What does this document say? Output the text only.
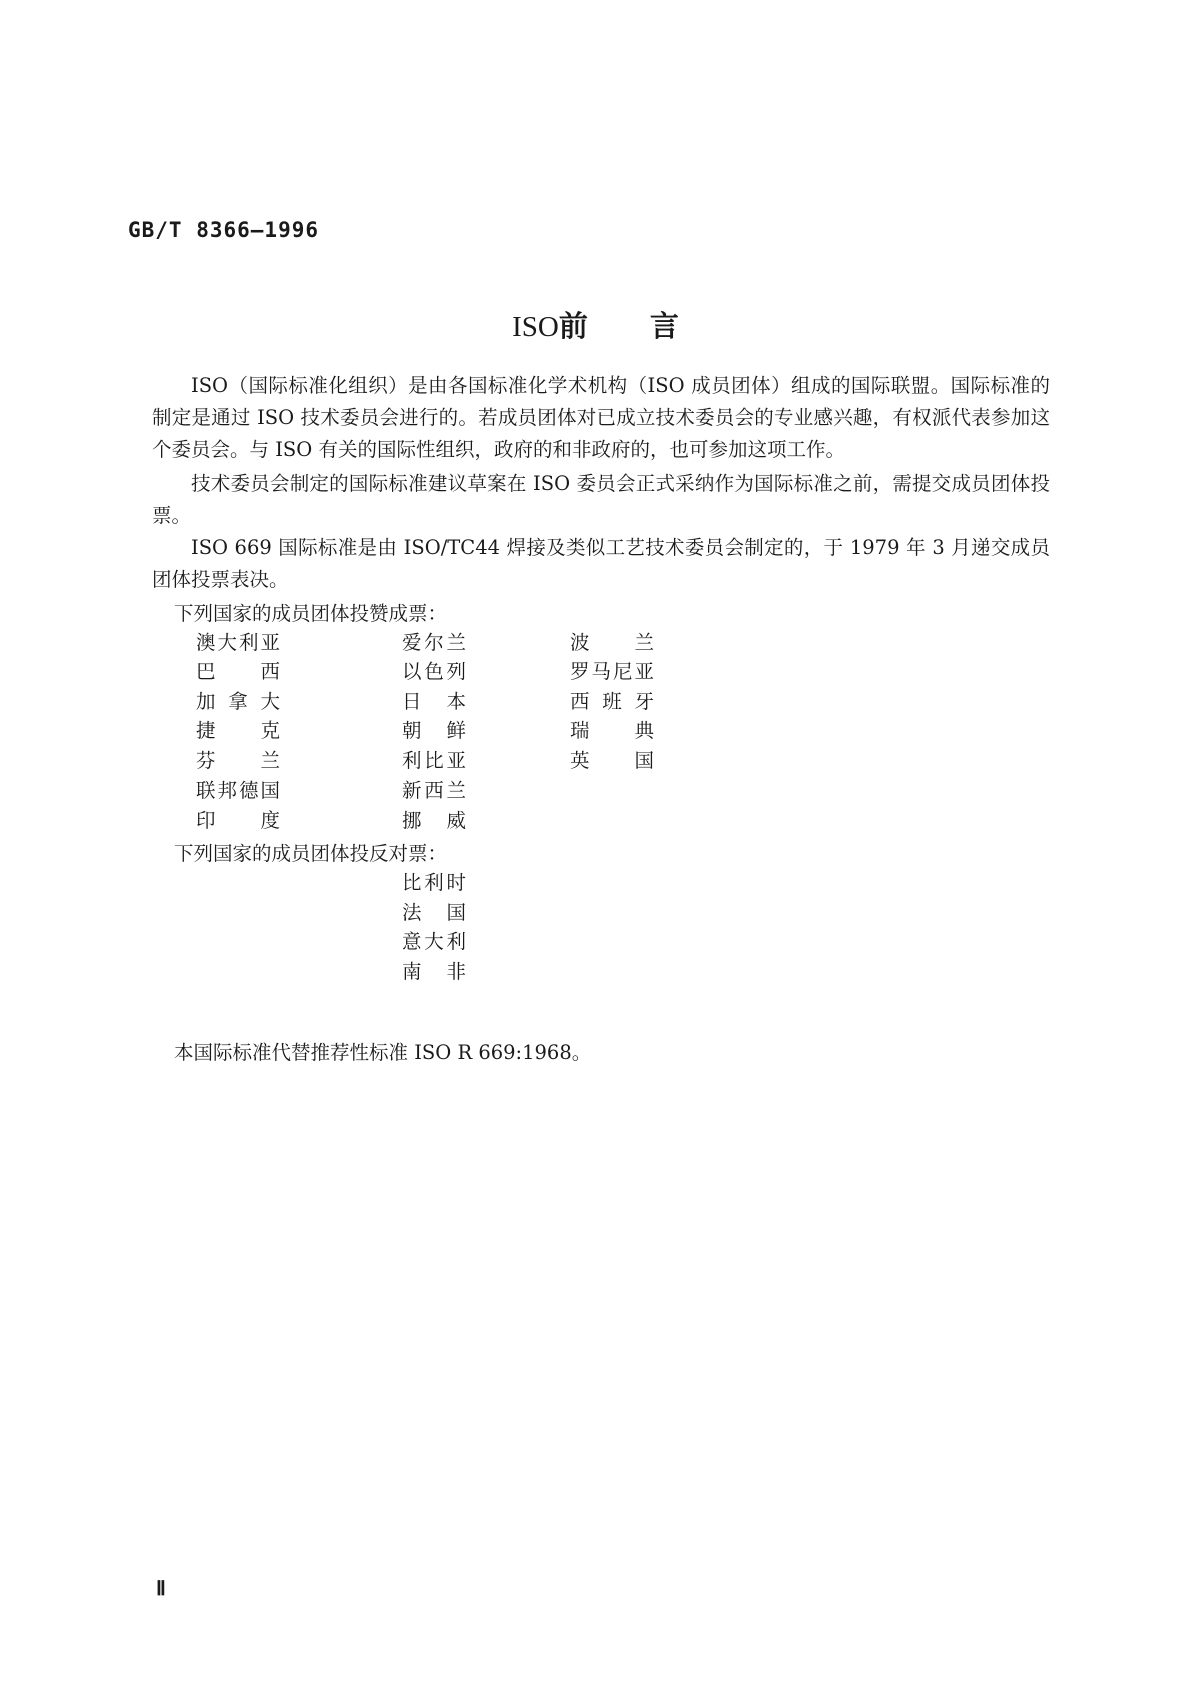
GB/T 8366—1996
ISO前言

ISO（国际标准化组织）是由各国标准化学术机构（ISO 成员团体）组成的国际联盟。国际标准的制定是通过 ISO 技术委员会进行的。若成员团体对已成立技术委员会的专业感兴趣，有权派代表参加这个委员会。与 ISO 有关的国际性组织，政府的和非政府的，也可参加这项工作。

技术委员会制定的国际标准建议草案在 ISO 委员会正式采纳作为国际标准之前，需提交成员团体投票。

ISO 669 国际标准是由 ISO/TC44 焊接及类似工艺技术委员会制定的，于 1979 年 3 月递交成员团体投票表决。

下列国家的成员团体投赞成票：
澳大利亚
巴西
加拿大
捷克
芬兰
联邦德国
印度
爱尔兰
以色列
日本
朝鲜
利比亚
新西兰
挪威
波兰
罗马尼亚
西班牙
瑞典
英国
下列国家的成员团体投反对票：
比利时
法国
意大利
南非
本国际标准代替推荐性标准 ISO R 669:1968。
Ⅱ
